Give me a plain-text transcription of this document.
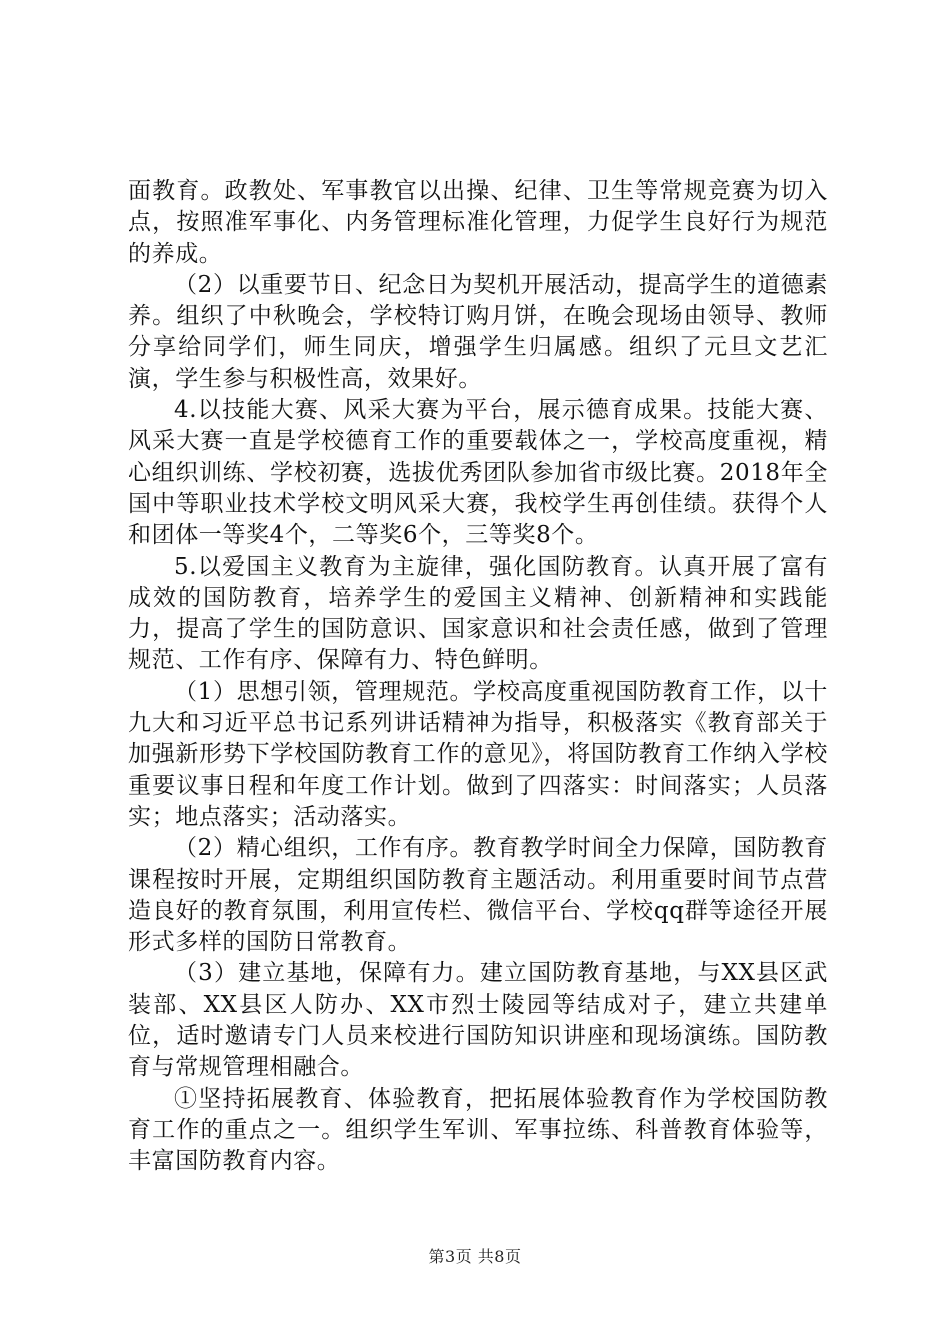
面教育。政教处、军事教官以出操、纪律、卫生等常规竞赛为切入点，按照准军事化、内务管理标准化管理，力促学生良好行为规范的养成。

（2）以重要节日、纪念日为契机开展活动，提高学生的道德素养。组织了中秋晚会，学校特订购月饼，在晚会现场由领导、教师分享给同学们，师生同庆，增强学生归属感。组织了元旦文艺汇演，学生参与积极性高，效果好。

4.以技能大赛、风采大赛为平台，展示德育成果。技能大赛、风采大赛一直是学校德育工作的重要载体之一，学校高度重视，精心组织训练、学校初赛，选拔优秀团队参加省市级比赛。2018年全国中等职业技术学校文明风采大赛，我校学生再创佳绩。获得个人和团体一等奖4个，二等奖6个，三等奖8个。

5.以爱国主义教育为主旋律，强化国防教育。认真开展了富有成效的国防教育，培养学生的爱国主义精神、创新精神和实践能力，提高了学生的国防意识、国家意识和社会责任感，做到了管理规范、工作有序、保障有力、特色鲜明。

（1）思想引领，管理规范。学校高度重视国防教育工作，以十九大和习近平总书记系列讲话精神为指导，积极落实《教育部关于加强新形势下学校国防教育工作的意见》，将国防教育工作纳入学校重要议事日程和年度工作计划。做到了四落实：时间落实；人员落实；地点落实；活动落实。

（2）精心组织，工作有序。教育教学时间全力保障，国防教育课程按时开展，定期组织国防教育主题活动。利用重要时间节点营造良好的教育氛围，利用宣传栏、微信平台、学校qq群等途径开展形式多样的国防日常教育。

（3）建立基地，保障有力。建立国防教育基地，与XX县区武装部、XX县区人防办、XX市烈士陵园等结成对子，建立共建单位，适时邀请专门人员来校进行国防知识讲座和现场演练。国防教育与常规管理相融合。

①坚持拓展教育、体验教育，把拓展体验教育作为学校国防教育工作的重点之一。组织学生军训、军事拉练、科普教育体验等，丰富国防教育内容。

第3页 共8页
